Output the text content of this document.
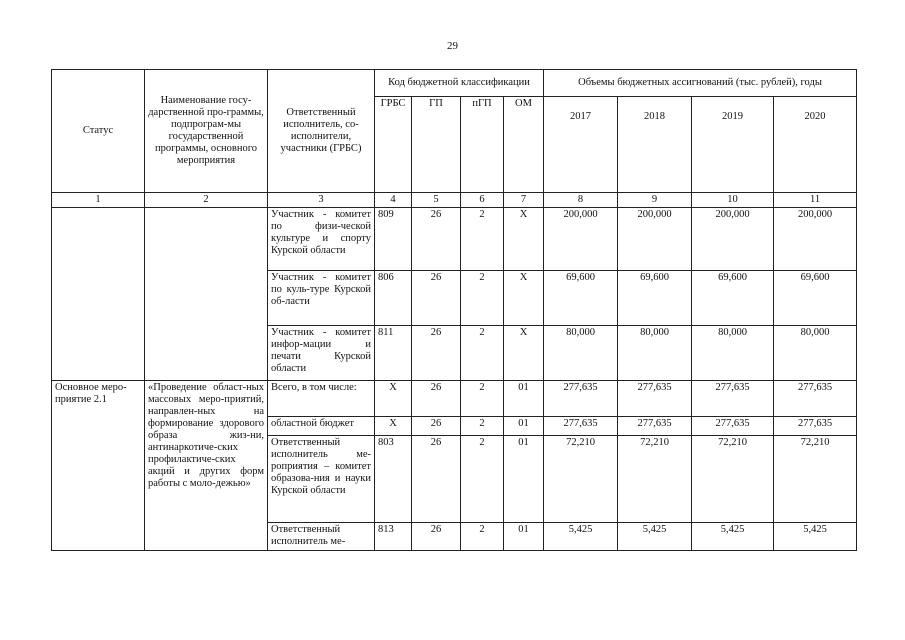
29
Статус	Наименование госу-дарственной про-граммы, подпрограм-мы государственной программы, основного мероприятия	Ответственный исполнитель, со-исполнители, участники (ГРБС)	Код бюджетной классификации				Объемы бюджетных ассигнований (тыс. рублей), годы			
			ГРБС	ГП	пГП	ОМ	2017	2018	2019	2020
1	2	3	4	5	6	7	8	9	10	11
		Участник - комитет по физи-ческой культуре и спорту Курской области	809	26	2	Х	200,000	200,000	200,000	200,000
		Участник - комитет по куль-туре Курской об-ласти	806	26	2	Х	69,600	69,600	69,600	69,600
		Участник - комитет инфор-мации и печати Курской области	811	26	2	Х	80,000	80,000	80,000	80,000
Основное меро-приятие 2.1	«Проведение област-ных массовых меро-приятий, направлен-ных на формирование здорового образа жиз-ни, антинаркотиче-ских профилактиче-ских акций и других форм работы с моло-дежью»	Всего, в том числе:	Х	26	2	01	277,635	277,635	277,635	277,635
		областной бюджет	Х	26	2	01	277,635	277,635	277,635	277,635
		Ответственный исполнитель ме-роприятия – комитет образова-ния и науки Курской области	803	26	2	01	72,210	72,210	72,210	72,210
		Ответственный исполнитель ме-	813	26	2	01	5,425	5,425	5,425	5,425
